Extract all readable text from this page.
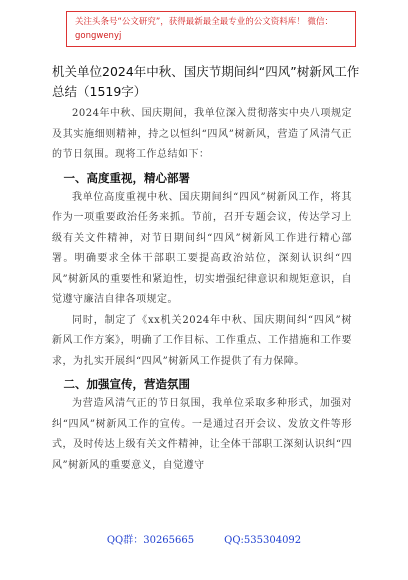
关注头条号“公文研究”，获得最新最全最专业的公文资料库！ 微信：gongwenyj
机关单位2024年中秋、国庆节期间纠“四风”树新风工作
总结（1519字）

2024年中秋、国庆期间，我单位深入贯彻落实中央八项规定及其实施细则精神，持之以恒纠“四风”树新风，营造了风清气正的节日氛围。现将工作总结如下：

一、高度重视，精心部署

我单位高度重视中秋、国庆期间纠“四风”树新风工作，将其作为一项重要政治任务来抓。节前，召开专题会议，传达学习上级有关文件精神，对节日期间纠“四风”树新风工作进行精心部署。明确要求全体干部职工要提高政治站位，深刻认识纠“四风”树新风的重要性和紧迫性，切实增强纪律意识和规矩意识，自觉遵守廉洁自律各项规定。

同时，制定了《xx机关2024年中秋、国庆期间纠“四风”树新风工作方案》，明确了工作目标、工作重点、工作措施和工作要求，为扎实开展纠“四风”树新风工作提供了有力保障。

二、加强宣传，营造氛围

为营造风清气正的节日氛围，我单位采取多种形式，加强对纠“四风”树新风工作的宣传。一是通过召开会议、发放文件等形式，及时传达上级有关文件精神，让全体干部职工深刻认识纠“四风”树新风的重要意义，自觉遵守

QQ群：30265665	QQ:535304092
